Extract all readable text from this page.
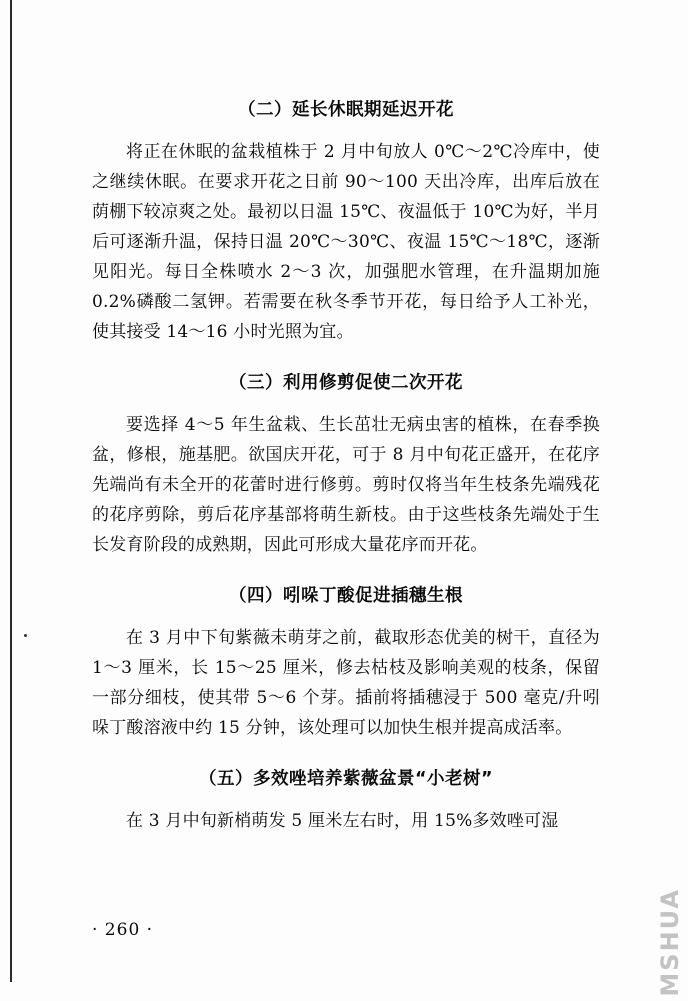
（二）延长休眠期延迟开花

将正在休眠的盆栽植株于 2 月中旬放人 0℃～2℃冷库中，使之继续休眠。在要求开花之日前 90～100 天出冷库，出库后放在荫棚下较凉爽之处。最初以日温 15℃、夜温低于 10℃为好，半月后可逐渐升温，保持日温 20℃～30℃、夜温 15℃～18℃，逐渐见阳光。每日全株喷水 2～3 次，加强肥水管理，在升温期加施 0.2%磷酸二氢钾。若需要在秋冬季节开花，每日给予人工补光，使其接受 14～16 小时光照为宜。

（三）利用修剪促使二次开花

要选择 4～5 年生盆栽、生长茁壮无病虫害的植株，在春季换盆，修根，施基肥。欲国庆开花，可于 8 月中旬花正盛开，在花序先端尚有未全开的花蕾时进行修剪。剪时仅将当年生枝条先端残花的花序剪除，剪后花序基部将萌生新枝。由于这些枝条先端处于生长发育阶段的成熟期，因此可形成大量花序而开花。

（四）吲哚丁酸促进插穗生根

在 3 月中下旬紫薇未萌芽之前，截取形态优美的树干，直径为 1～3 厘米，长 15～25 厘米，修去枯枝及影响美观的枝条，保留一部分细枝，使其带 5～6 个芽。插前将插穗浸于 500 毫克/升吲哚丁酸溶液中约 15 分钟，该处理可以加快生根并提高成活率。

（五）多效唑培养紫薇盆景“小老树”

在 3 月中旬新梢萌发 5 厘米左右时，用 15%多效唑可湿

· 260 ·	MSHUA
